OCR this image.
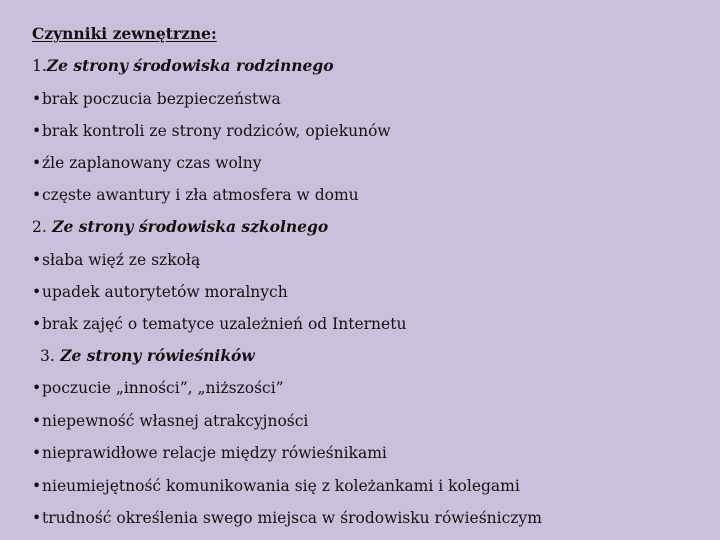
Czynniki zewnętrzne:
1.Ze strony środowiska rodzinnego
•brak poczucia bezpieczeństwa
•brak kontroli ze strony rodziców, opiekunów
•źle zaplanowany czas wolny
•częste awantury i zła atmosfera w domu
2. Ze strony środowiska szkolnego
•słaba więź ze szkołą
•upadek autorytetów moralnych
•brak zajęć o tematyce uzależnień od Internetu
3. Ze strony rówieśników
•poczucie „inności”, „niższości”
•niepewność własnej atrakcyjności
•nieprawidłowe relacje między rówieśnikami
•nieumiejętność komunikowania się z koleżankami i kolegami
•trudność określenia swego miejsca w środowisku rówieśniczym
